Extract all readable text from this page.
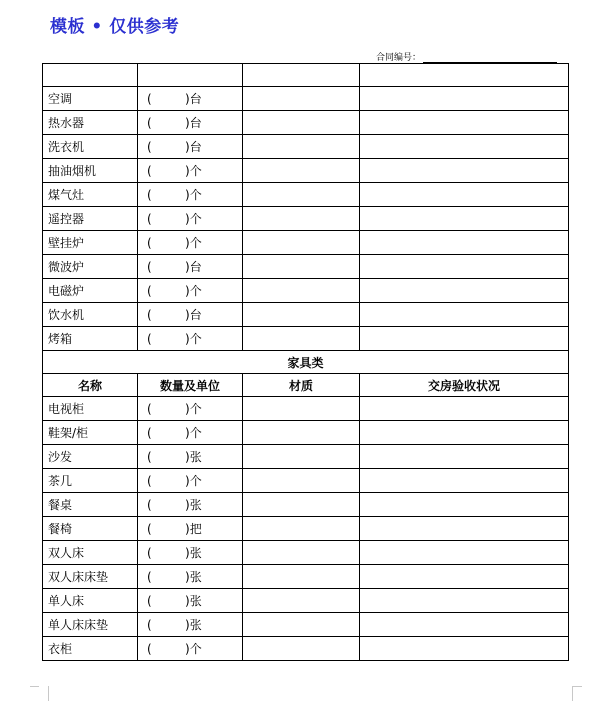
模板 • 仅供参考
合同编号：

空调	( ) 台		

热水器	( ) 台		

洗衣机	( ) 台		

抽油烟机	( ) 个		

煤气灶	( ) 个		

遥控器	( ) 个		

壁挂炉	( ) 个		

微波炉	( ) 台		

电磁炉	( ) 个		

饮水机	( ) 台		

烤箱	( ) 个		

家具类			
名称	数量及单位	材质	交房验收状况
电视柜	( ) 个		

鞋架/柜	( ) 个		

沙发	( ) 张		

茶几	( ) 个		

餐桌	( ) 张		

餐椅	( ) 把		

双人床	( ) 张		

双人床床垫	( ) 张		

单人床	( ) 张		

单人床床垫	( ) 张		

衣柜	( ) 个		
